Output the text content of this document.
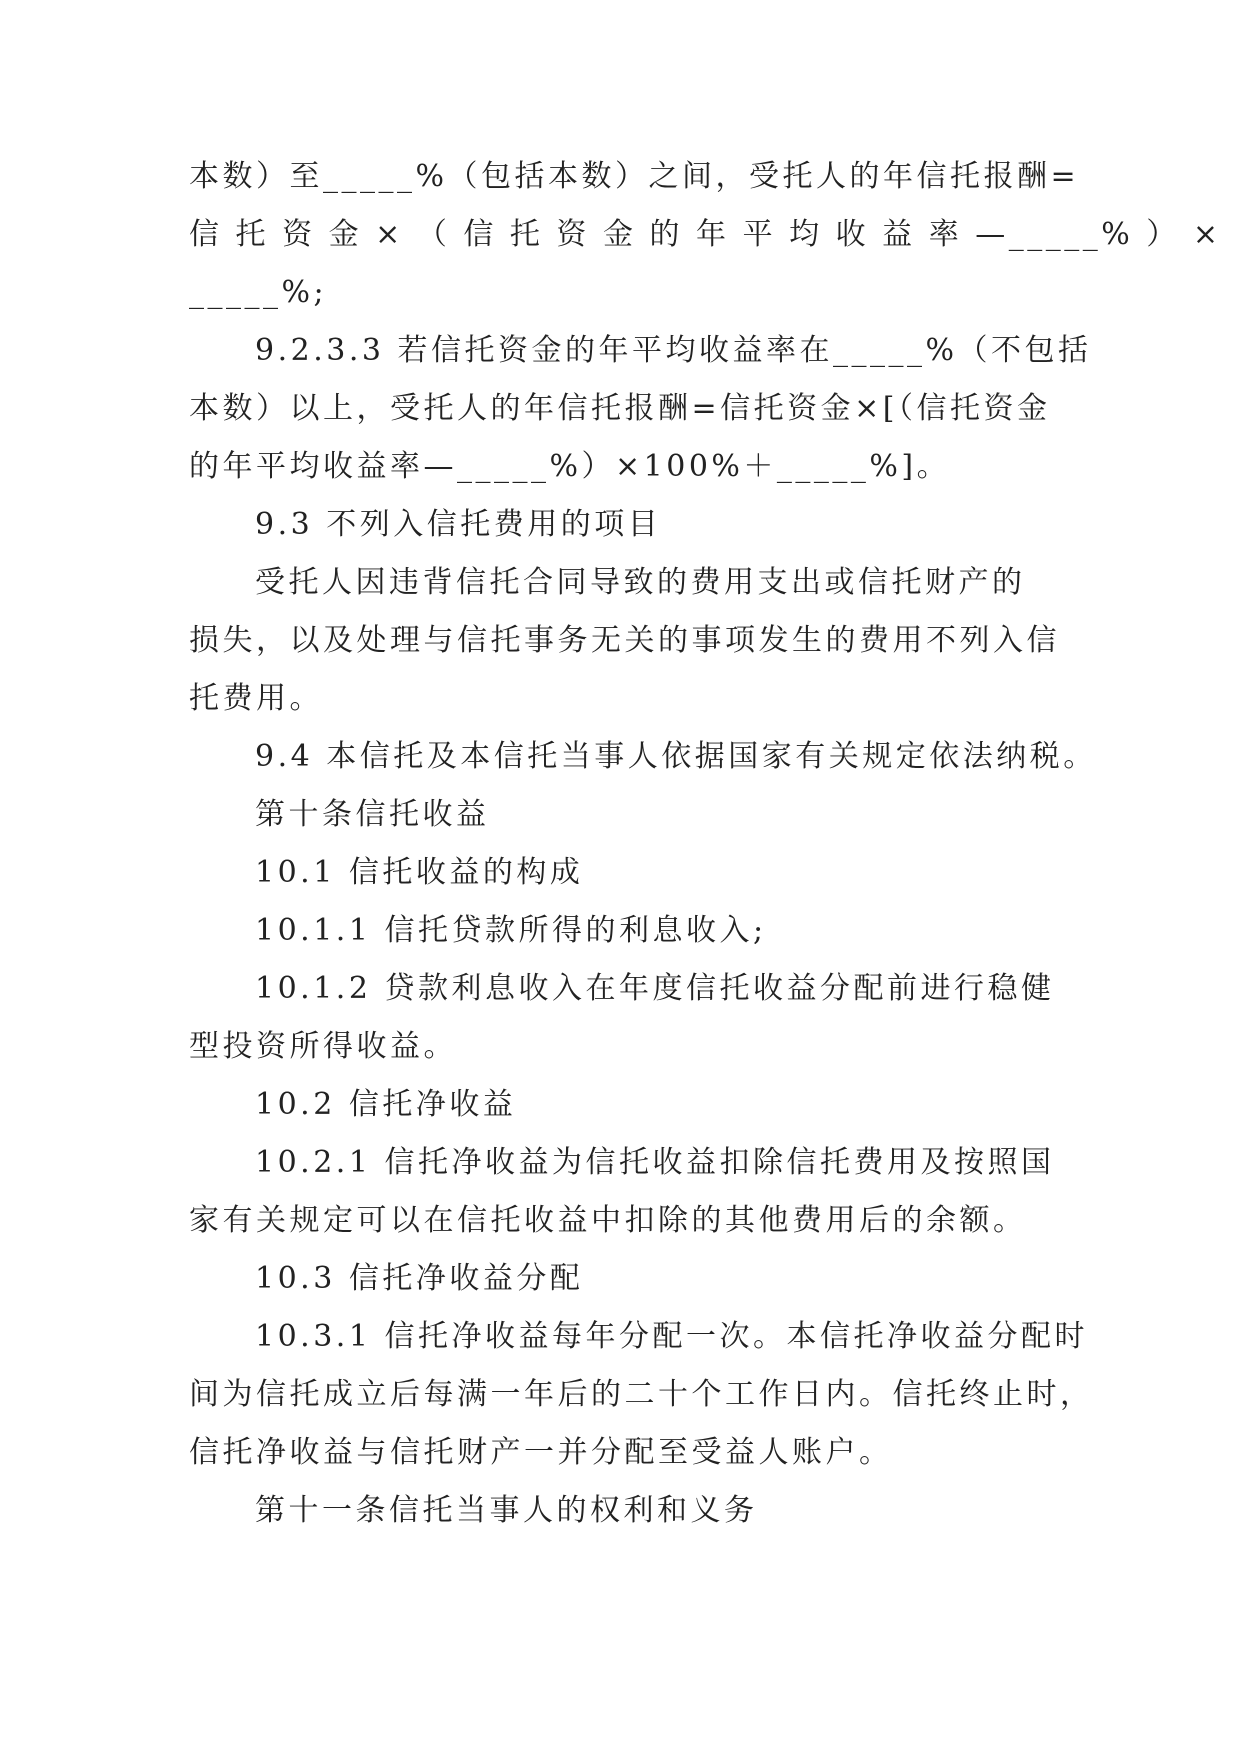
本数）至_____%（包括本数）之间，受托人的年信托报酬=
信 托 资 金 × （ 信 托 资 金 的 年 平 均 收 益 率 —_____% ） ×
_____%;
9.2.3.3 若信托资金的年平均收益率在_____%（不包括
本数）以上，受托人的年信托报酬=信托资金×[（信托资金
的年平均收益率—_____%）×100%＋_____%]。
9.3 不列入信托费用的项目
受托人因违背信托合同导致的费用支出或信托财产的
损失，以及处理与信托事务无关的事项发生的费用不列入信
托费用。
9.4 本信托及本信托当事人依据国家有关规定依法纳税。
第十条信托收益
10.1 信托收益的构成
10.1.1 信托贷款所得的利息收入;
10.1.2 贷款利息收入在年度信托收益分配前进行稳健
型投资所得收益。
10.2 信托净收益
10.2.1 信托净收益为信托收益扣除信托费用及按照国
家有关规定可以在信托收益中扣除的其他费用后的余额。
10.3 信托净收益分配
10.3.1 信托净收益每年分配一次。本信托净收益分配时
间为信托成立后每满一年后的二十个工作日内。信托终止时，
信托净收益与信托财产一并分配至受益人账户。
第十一条信托当事人的权利和义务
